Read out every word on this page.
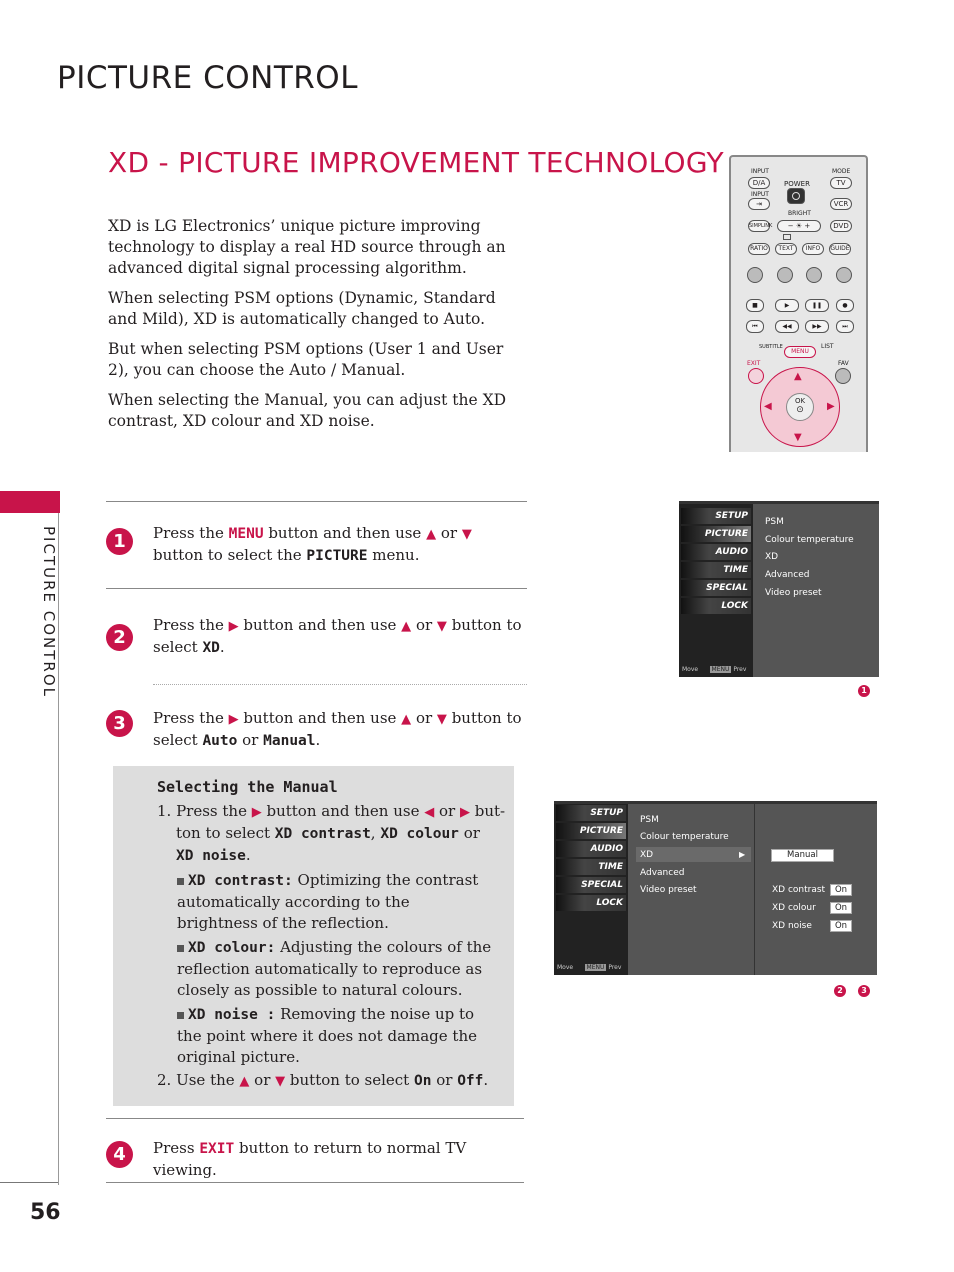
PICTURE CONTROL
XD - PICTURE IMPROVEMENT TECHNOLOGY

XD is LG Electronics’ unique picture improving technology to display a real HD source through an advanced digital signal processing algorithm.

When selecting PSM options (Dynamic, Standard and Mild), XD is automatically changed to Auto.

But when selecting PSM options (User 1 and User 2), you can choose the Auto / Manual.

When selecting the Manual, you can adjust the XD contrast, XD colour and XD noise.

PICTURE CONTROL
56
INPUT	MODE
POWER
D/A	TV
INPUT
⇥	VCR
BRIGHT
SIMPLINK	− ☀ +	DVD
RATIO	TEXT	INFO	GUIDE
■	▶	❚❚	●
⏮	◀◀	▶▶	⏭
SUBTITLE	LIST
MENU
EXIT	FAV
▲
▼
◀	▶
OK
⊙
1	Press the MENU button and then use ▲ or ▼ button to select the PICTURE menu.
2
Press the ▶ button and then use ▲ or ▼ button to select XD.
3	Press the ▶ button and then use ▲ or ▼ button to select Auto or Manual.
Selecting the Manual
1. Press the ▶ button and then use ◀ or ▶ but-
ton to select XD contrast, XD colour or
XD noise.
XD contrast: Optimizing the contrast automatically according to the brightness of the reflection.
XD colour: Adjusting the colours of the reflection automatically to reproduce as closely as possible to natural colours.
XD noise : Removing the noise up to the point where it does not damage the original picture.
2. Use the ▲ or ▼ button to select On or Off.
4	Press EXIT button to return to normal TV viewing.
SETUP
PICTURE
AUDIO
TIME
SPECIAL
LOCK
Move MENU Prev
PSM
Colour temperature
XD
Advanced
Video preset
1
SETUP
PICTURE
AUDIO
TIME
SPECIAL
LOCK
Move MENU Prev
PSM
Colour temperature
XD	▶
Advanced
Video preset
Manual
XD contrast	On
XD colour	On
XD noise	On
2	3
